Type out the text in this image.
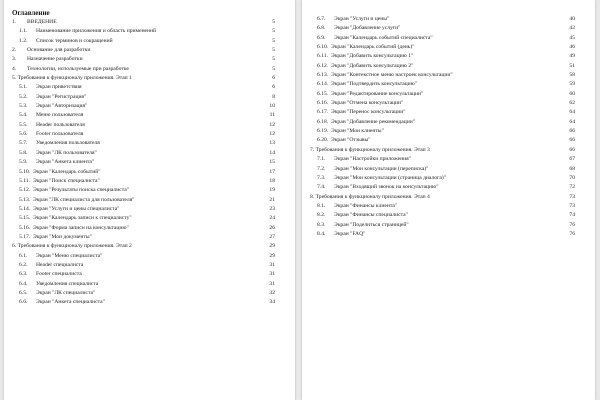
Оглавление
1. ВВЕДЕНИЕ	5
1.1. Наименование приложения и область применений	5
1.2. Список терминов и сокращений	5
2. Основание для разработки	5
3. Назначение разработки	5
4. Технологии, используемые при разработке	5
5. Требования к функционалу приложения. Этап 1	6
5.1. Экран приветствия	6
5.2. Экран "Регистрация"	8
5.3. Экран "Авторизация"	10
5.4. Меню пользователя	11
5.5. Header пользователя	12
5.6. Footer пользователя	12
5.7. Уведомления пользователя	13
5.8. Экран "ЛК пользователя"	14
5.9. Экран "Анкета клиента"	15
5.10. Экран "Календарь событий"	17
5.11. Экран "Поиск специалиста"	18
5.12. Экран "Результаты поиска специалиста"	19
5.13. Экран "ЛК специалиста для пользователя"	21
5.14. Экран "Услуги и цены специалиста"	23
5.15. Экран "Календарь записи к специалисту"	24
5.16. Экран "Форма записи на консультацию"	26
5.17. Экран "Мои документы"	27
6. Требования к функционалу приложения. Этап 2	29
6.1. Экран "Меню специалиста"	29
6.2. Header специалиста	31
6.3. Footer специалиста	31
6.4. Уведомления специалиста	31
6.5. Экран "ЛК специалиста"	32
6.6. Экран "Анкета специалиста"	34
6.7. Экран "Услуги и цены"	40
6.8. Экран "Добавление услуги"	42
6.9. Экран "Календарь событий специалиста"	45
6.10. Экран "Календарь событий (день)"	46
6.11. Экран "Добавить консультацию 1"	49
6.12. Экран "Добавить консультацию 2"	51
6.13. Экран "Контекстное меню настроек консультации"	58
6.14. Экран "Подтвердить консультацию"	59
6.15. Экран "Редактирование консультации"	60
6.16. Экран "Отмена консультации"	62
6.17. Экран "Перенос консультации"	64
6.18. Экран "Добавление рекомендации"	64
6.19. Экран "Мои клиенты"	66
6.20. Экран "Отзывы"	66
7. Требования к функционалу приложения. Этап 3	66
7.1. Экран "Настройки приложения"	67
7.2. Экран "Мои консультации (переписка)"	68
7.3. Экран "Мои консультации (страница диалога)"	70
7.4. Экран "Входящий звонок на консультацию"	72
8. Требования к функционалу приложения. Этап 4	73
8.1. Экран "Финансы клиента"	73
8.2. Экран "Финансы специалиста"	74
8.3. Экран "Поделиться страницей"	76
8.4. Экран "FAQ"	76
